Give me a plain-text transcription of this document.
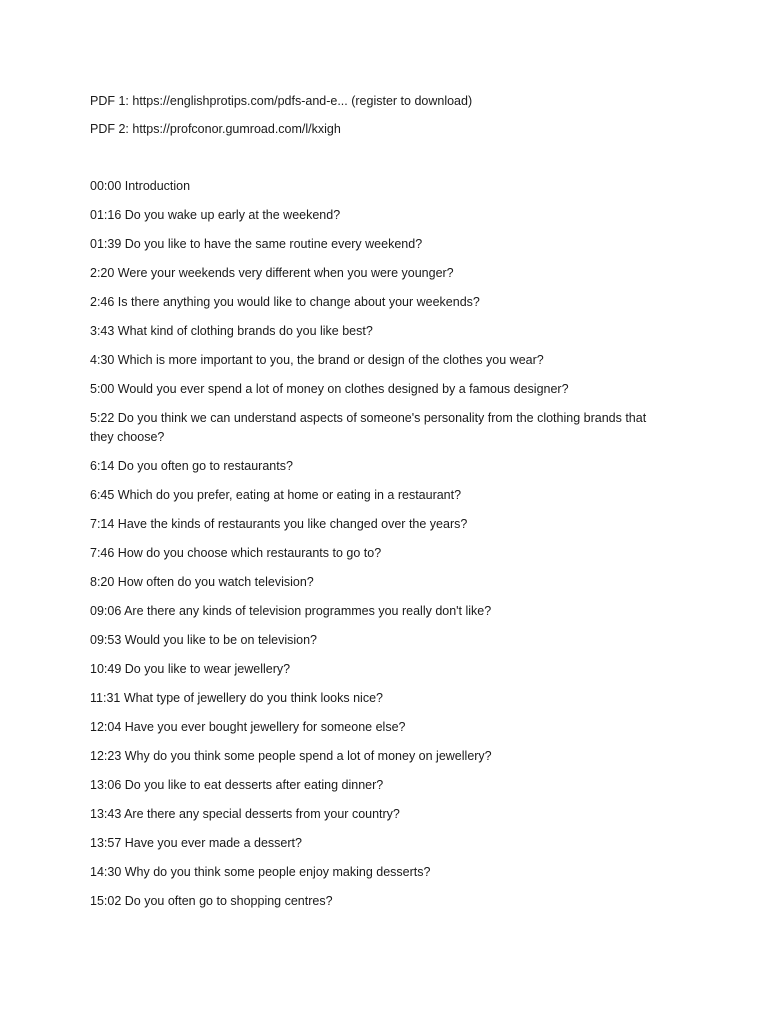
PDF 1: https://englishprotips.com/pdfs-and-e... (register to download)

PDF 2: https://profconor.gumroad.com/l/kxigh

00:00 Introduction

01:16 Do you wake up early at the weekend?

01:39 Do you like to have the same routine every weekend?

2:20 Were your weekends very different when you were younger?

2:46 Is there anything you would like to change about your weekends?

3:43 What kind of clothing brands do you like best?

4:30 Which is more important to you, the brand or design of the clothes you wear?

5:00 Would you ever spend a lot of money on clothes designed by a famous designer?

5:22 Do you think we can understand aspects of someone's personality from the clothing brands that they choose?

6:14 Do you often go to restaurants?

6:45 Which do you prefer, eating at home or eating in a restaurant?

7:14 Have the kinds of restaurants you like changed over the years?

7:46 How do you choose which restaurants to go to?

8:20 How often do you watch television?

09:06 Are there any kinds of television programmes you really don't like?

09:53 Would you like to be on television?

10:49 Do you like to wear jewellery?

11:31 What type of jewellery do you think looks nice?

12:04 Have you ever bought jewellery for someone else?

12:23 Why do you think some people spend a lot of money on jewellery?

13:06 Do you like to eat desserts after eating dinner?

13:43 Are there any special desserts from your country?

13:57 Have you ever made a dessert?

14:30 Why do you think some people enjoy making desserts?

15:02 Do you often go to shopping centres?
